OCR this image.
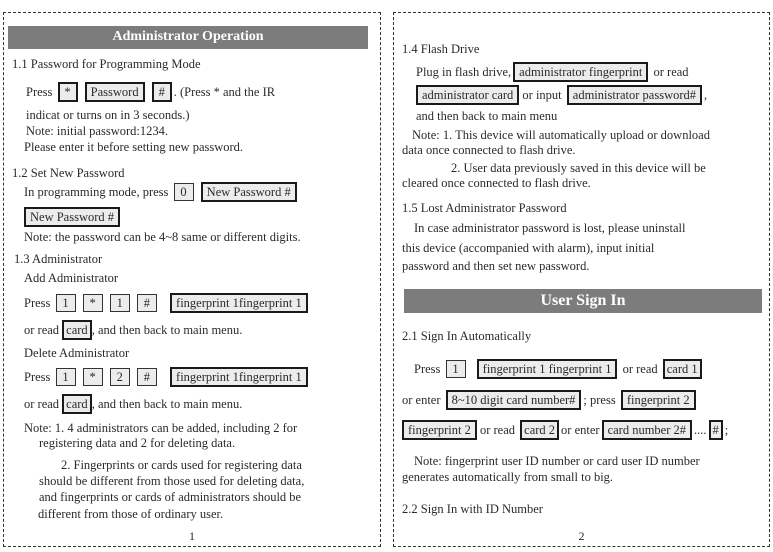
Administrator Operation
1.1 Password for Programming Mode
Press * Password # . (Press * and the IR
indicat or turns on in 3 seconds.)
Note: initial password:1234.
Please enter it before setting new password.
1.2 Set New Password
In programming mode, press 0 New Password #
New Password #
Note: the password can be 4~8 same or different digits.
1.3 Administrator
Add Administrator
Press 1 * 1 # fingerprint 1fingerprint 1
or read card , and then back to main menu.
Delete Administrator
Press 1 * 2 # fingerprint 1fingerprint 1
or read card , and then back to main menu.
Note: 1. 4 administrators can be added, including 2 for
registering data and 2 for deleting data.
2. Fingerprints or cards used for registering data
should be different from those used for deleting data,
and fingerprints or cards of administrators should be
different from those of ordinary user.
1
1.4 Flash Drive
Plug in flash drive, administrator fingerprint or read
administrator card or input administrator password# ,
and then back to main menu
Note: 1. This device will automatically upload or download
data once connected to flash drive.
2. User data previously saved in this device will be
cleared once connected to flash drive.
1.5 Lost Administrator Password
In case administrator password is lost, please uninstall
this device (accompanied with alarm), input initial
password and then set new password.
User Sign In
2.1 Sign In Automatically
Press 1 fingerprint 1 fingerprint 1 or read card 1
or enter 8~10 digit card number# ; press fingerprint 2
fingerprint 2 or read card 2 or enter card number 2# .... # ;
Note: fingerprint user ID number or card user ID number
generates automatically from small to big.
2.2 Sign In with ID Number
2
